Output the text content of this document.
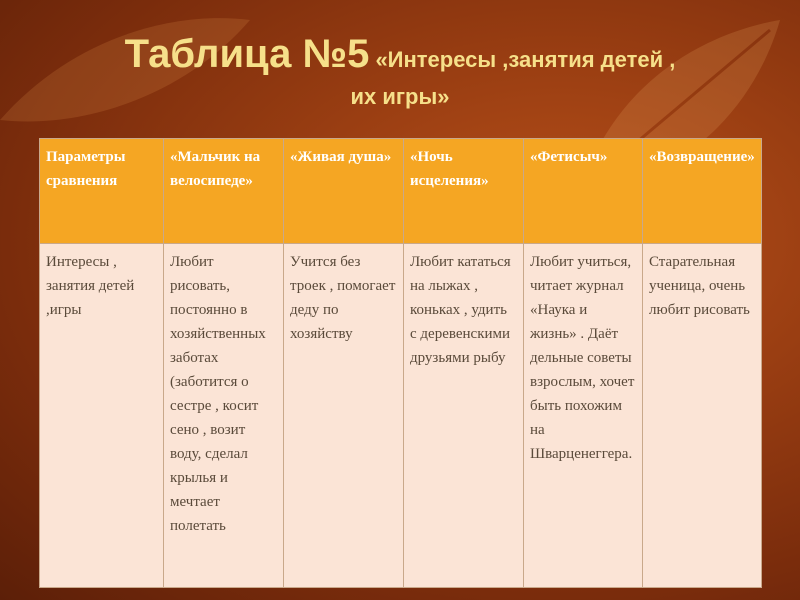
Таблица №5 «Интересы ,занятия детей ,
их игры»
Параметры сравнения	«Мальчик на велосипеде»	«Живая душа»	«Ночь исцеления»	«Фетисыч»	«Возвращение»
Интересы , занятия детей ,игры	Любит рисовать, постоянно в хозяйственных заботах (заботится о сестре , косит сено , возит воду, сделал крылья и мечтает полетать	Учится без троек , помогает деду по хозяйству	Любит кататься на лыжах , коньках , удить с деревенскими друзьями рыбу	Любит учиться, читает журнал «Наука и жизнь» . Даёт дельные советы взрослым, хочет быть похожим на Шварценеггера.	Старательная ученица, очень любит рисовать
